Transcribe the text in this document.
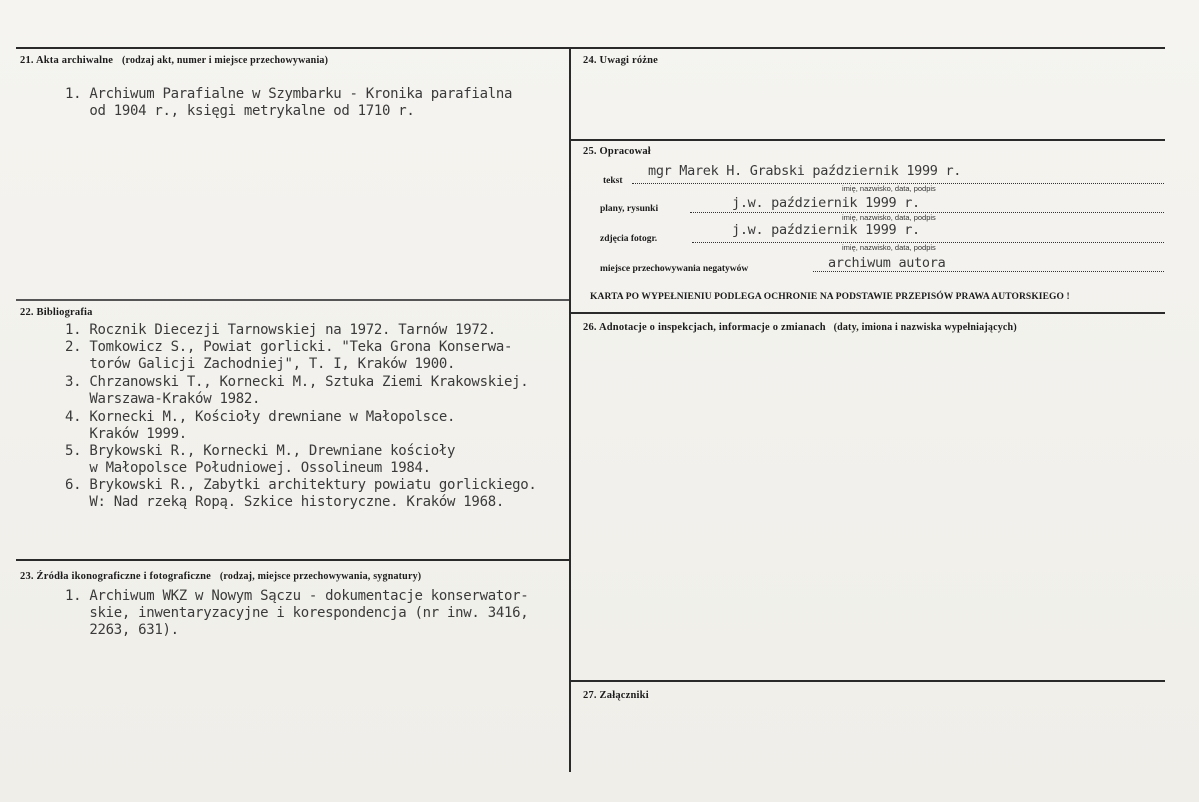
21. Akta archiwalne (rodzaj akt, numer i miejsce przechowywania)
1. Archiwum Parafialne w Szymbarku - Kronika parafialna
od 1904 r., księgi metrykalne od 1710 r.
22. Bibliografia
1. Rocznik Diecezji Tarnowskiej na 1972. Tarnów 1972.
2. Tomkowicz S., Powiat gorlicki. "Teka Grona Konserwa-
torów Galicji Zachodniej", T. I, Kraków 1900.
3. Chrzanowski T., Kornecki M., Sztuka Ziemi Krakowskiej.
Warszawa-Kraków 1982.
4. Kornecki M., Kościoły drewniane w Małopolsce.
Kraków 1999.
5. Brykowski R., Kornecki M., Drewniane kościoły
w Małopolsce Południowej. Ossolineum 1984.
6. Brykowski R., Zabytki architektury powiatu gorlickiego.
W: Nad rzeką Ropą. Szkice historyczne. Kraków 1968.
23. Źródła ikonograficzne i fotograficzne (rodzaj, miejsce przechowywania, sygnatury)
1. Archiwum WKZ w Nowym Sączu - dokumentacje konserwator-
skie, inwentaryzacyjne i korespondencja (nr inw. 3416,
2263, 631).
24. Uwagi różne
25. Opracował
tekst
mgr Marek H. Grabski październik 1999 r.
imię, nazwisko, data, podpis
plany, rysunki	j.w. październik 1999 r.
imię, nazwisko, data, podpis
zdjęcia fotogr.
j.w. październik 1999 r.
imię, nazwisko, data, podpis
miejsce przechowywania negatywów	archiwum autora
KARTA PO WYPEŁNIENIU PODLEGA OCHRONIE NA PODSTAWIE PRZEPISÓW PRAWA AUTORSKIEGO !
26. Adnotacje o inspekcjach, informacje o zmianach (daty, imiona i nazwiska wypełniających)
27. Załączniki
